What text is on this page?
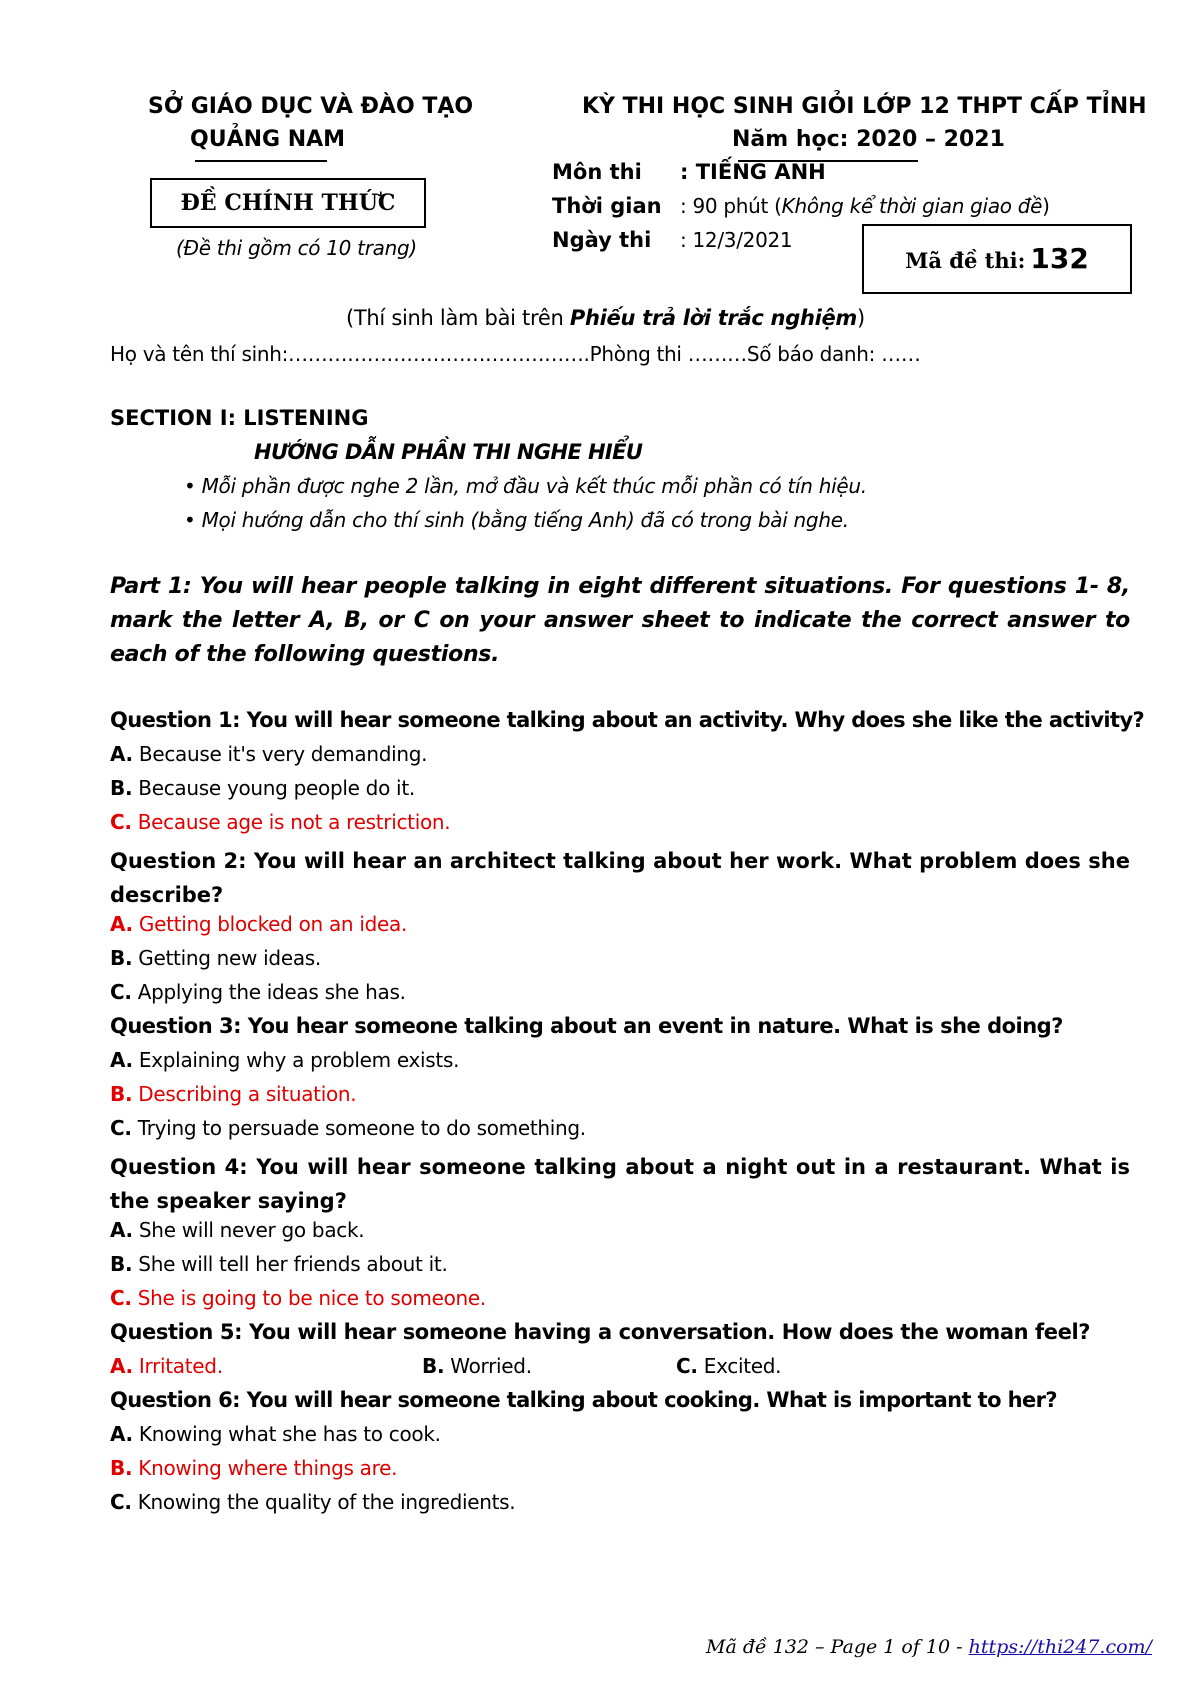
SỞ GIÁO DỤC VÀ ĐÀO TẠO
QUẢNG NAM
ĐỀ CHÍNH THỨC
(Đề thi gồm có 10 trang)
KỲ THI HỌC SINH GIỎI LỚP 12 THPT CẤP TỈNH
Năm học: 2020 – 2021
Môn thi : TIẾNG ANH
Thời gian : 90 phút (Không kể thời gian giao đề)
Ngày thi : 12/3/2021
Mã đề thi: 132
(Thí sinh làm bài trên Phiếu trả lời trắc nghiệm)
Họ và tên thí sinh:……………………………………….Phòng thi ………Số báo danh: ……
SECTION I: LISTENING
HƯỚNG DẪN PHẦN THI NGHE HIỂU
• Mỗi phần được nghe 2 lần, mở đầu và kết thúc mỗi phần có tín hiệu.
• Mọi hướng dẫn cho thí sinh (bằng tiếng Anh) đã có trong bài nghe.
Part 1: You will hear people talking in eight different situations. For questions 1- 8, mark the letter A, B, or C on your answer sheet to indicate the correct answer to each of the following questions.
Question 1: You will hear someone talking about an activity. Why does she like the activity?
A. Because it's very demanding.
B. Because young people do it.
C. Because age is not a restriction.
Question 2: You will hear an architect talking about her work. What problem does she describe?
A. Getting blocked on an idea.
B. Getting new ideas.
C. Applying the ideas she has.
Question 3: You hear someone talking about an event in nature. What is she doing?
A. Explaining why a problem exists.
B. Describing a situation.
C. Trying to persuade someone to do something.
Question 4: You will hear someone talking about a night out in a restaurant. What is the speaker saying?
A. She will never go back.
B. She will tell her friends about it.
C. She is going to be nice to someone.
Question 5: You will hear someone having a conversation. How does the woman feel?
A. Irritated.	B. Worried.	C. Excited.
Question 6: You will hear someone talking about cooking. What is important to her?
A. Knowing what she has to cook.
B. Knowing where things are.
C. Knowing the quality of the ingredients.
Mã đề 132 – Page 1 of 10 - https://thi247.com/
